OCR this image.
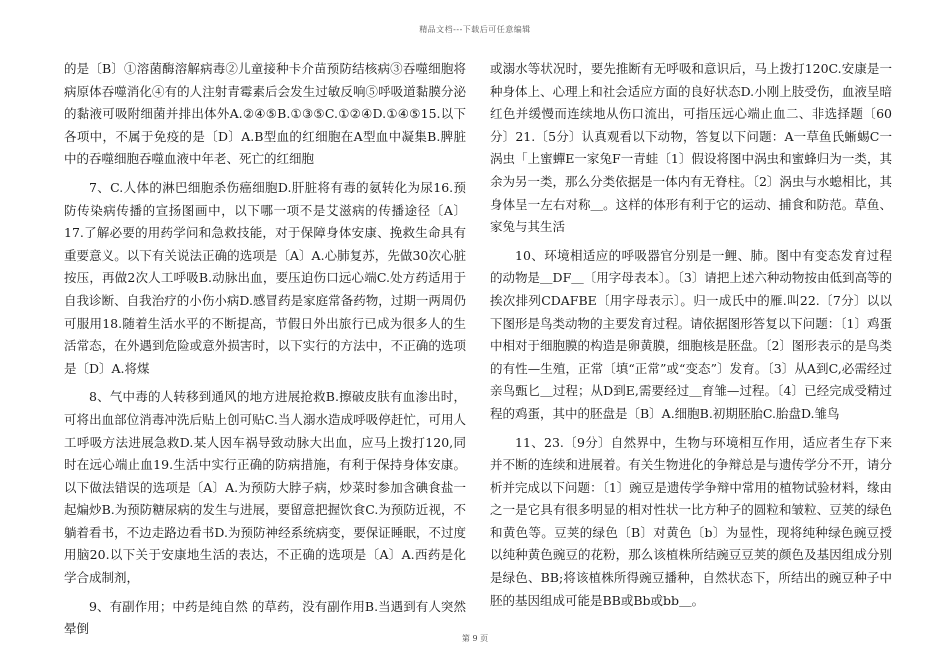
精品文档---下载后可任意编辑

的是〔B〕①溶菌酶溶解病毒②儿童接种卡介苗预防结核病③吞噬细胞将病原体吞噬消化④有的人注射青霉素后会发生过敏反响⑤呼吸道黏膜分泌的黏液可吸附细菌并排出体外A.②④⑤B.①③⑤C.①②④D.①④⑤15.以下各项中，不属于免疫的是〔D〕A.B型血的红细胞在A型血中凝集B.脾脏中的吞噬细胞吞噬血液中年老、死亡的红细胞

7、C.人体的淋巴细胞杀伤癌细胞D.肝脏将有毒的氨转化为尿16.预防传染病传播的宣扬图画中，以下哪一项不是艾滋病的传播途径〔A〕17.了解必要的用药学问和急救技能，对于保障身体安康、挽救生命具有重要意义。以下有关说法正确的选项是〔A〕A.心肺复苏，先做30次心脏按压，再做2次人工呼吸B.动脉出血，要压迫伤口远心端C.处方药适用于自我诊断、自我治疗的小伤小病D.感冒药是家庭常备药物，过期一两周仍可服用18.随着生活水平的不断提高，节假日外出旅行已成为很多人的生活常态，在外遇到危险或意外损害时，以下实行的方法中，不正确的选项是〔D〕A.将煤

8、气中毒的人转移到通风的地方进展抢救B.擦破皮肤有血渗出时，可将出血部位消毒冲洗后贴上创可贴C.当人溺水造成呼吸停赶忙，可用人工呼吸方法进展急救D.某人因车祸导致动脉大出血，应马上拨打120,同时在远心端止血19.生活中实行正确的防病措施，有利于保持身体安康。以下做法错误的选项是〔A〕A.为预防大脖子病，炒菜时参加含碘食盐一起煸炒B.为预防糖尿病的发生与进展，要留意把握饮食C.为预防近视，不躺着看书，不边走路边看书D.为预防神经系统病变，要保证睡眠，不过度用脑20.以下关于安康地生活的表达，不正确的选项是〔A〕A.西药是化学合成制剂，

9、有副作用；中药是纯自然 的草药，没有副作用B.当遇到有人突然晕倒

或溺水等状况时，要先推断有无呼吸和意识后，马上拨打120C.安康是一种身体上、心理上和社会适应方面的良好状态D.小刚上肢受伤，血液呈暗红色并缓慢而连续地从伤口流出，可指压远心端止血二、非选择题〔60分〕21.〔5分〕认真观看以下动物，答复以下问题：A一草鱼氏蜥蜴C一涡虫「上蜜蟬E一家兔F一青蛙〔1〕假设将图中涡虫和蜜蜂归为一类，其余为另一类，那么分类依据是一体内有无脊柱。〔2〕涡虫与水螅相比，其身体呈一左右对称＿。这样的体形有利于它的运动、捕食和防范。草鱼、家兔与其生活

10、环境相适应的呼吸器官分别是一鲤、肺。图中有变态发育过程的动物是＿DF＿〔用字母表本〕。〔3〕请把上述六种动物按由低到高等的挨次排列CDAFBE〔用字母表示〕。归一成氏中的雁.叫22.〔7分〕以以下图形是鸟类动物的主要发育过程。请依据图形答复以下问题：〔1〕鸡蛋中相对于细胞膜的构造是卵黄膜，细胞核是胚盘。〔2〕图形表示的是鸟类的有性—生殖，正常〔填“正常”或“变态”〕发育。〔3〕从A到C,必需经过亲鸟甄匕＿过程；从D到E,需要经过＿育雏—过程。〔4〕已经完成受精过程的鸡蛋，其中的胚盘是〔B〕A.细胞B.初期胚胎C.胎盘D.雏鸟

11、23.〔9分〕自然界中，生物与环境相互作用，适应者生存下来并不断的连续和进展着。有关生物进化的争辩总是与遗传学分不开，请分析并完成以下问题：〔1〕豌豆是遗传学争辩中常用的植物试验材料，缘由之一是它具有很多明显的相对性状一比方种子的圆粒和皱粒、豆荚的绿色和黄色等。豆荚的绿色〔B〕对黄色〔b〕为显性，现将纯种绿色豌豆授以纯种黄色豌豆的花粉，那么该植株所结豌豆豆荚的颜色及基因组成分别是绿色、BB;将该植株所得豌豆播种，自然状态下，所结出的豌豆种子中胚的基因组成可能是BB或Bb或bb＿。

第 9 页
